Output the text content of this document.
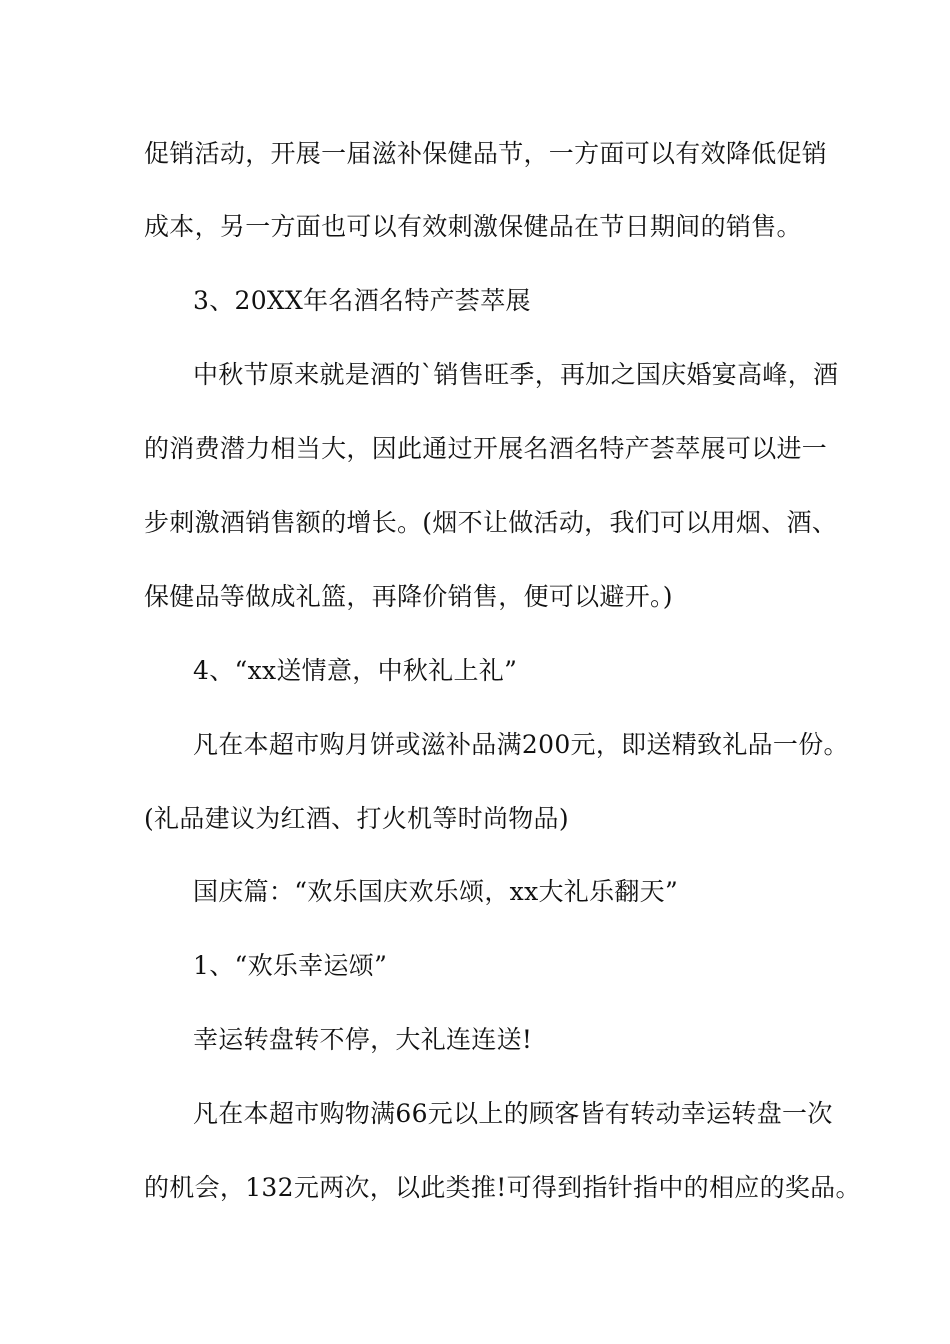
促销活动，开展一届滋补保健品节，一方面可以有效降低促销

成本，另一方面也可以有效刺激保健品在节日期间的销售。

3、20XX年名酒名特产荟萃展

中秋节原来就是酒的`销售旺季，再加之国庆婚宴高峰，酒

的消费潜力相当大，因此通过开展名酒名特产荟萃展可以进一

步刺激酒销售额的增长。(烟不让做活动，我们可以用烟、酒、

保健品等做成礼篮，再降价销售，便可以避开。)

4、“xx送情意，中秋礼上礼”

凡在本超市购月饼或滋补品满200元，即送精致礼品一份。

(礼品建议为红酒、打火机等时尚物品)

国庆篇：“欢乐国庆欢乐颂，xx大礼乐翻天”

1、“欢乐幸运颂”

幸运转盘转不停，大礼连连送!

凡在本超市购物满66元以上的顾客皆有转动幸运转盘一次

的机会，132元两次，以此类推!可得到指针指中的相应的奖品。
